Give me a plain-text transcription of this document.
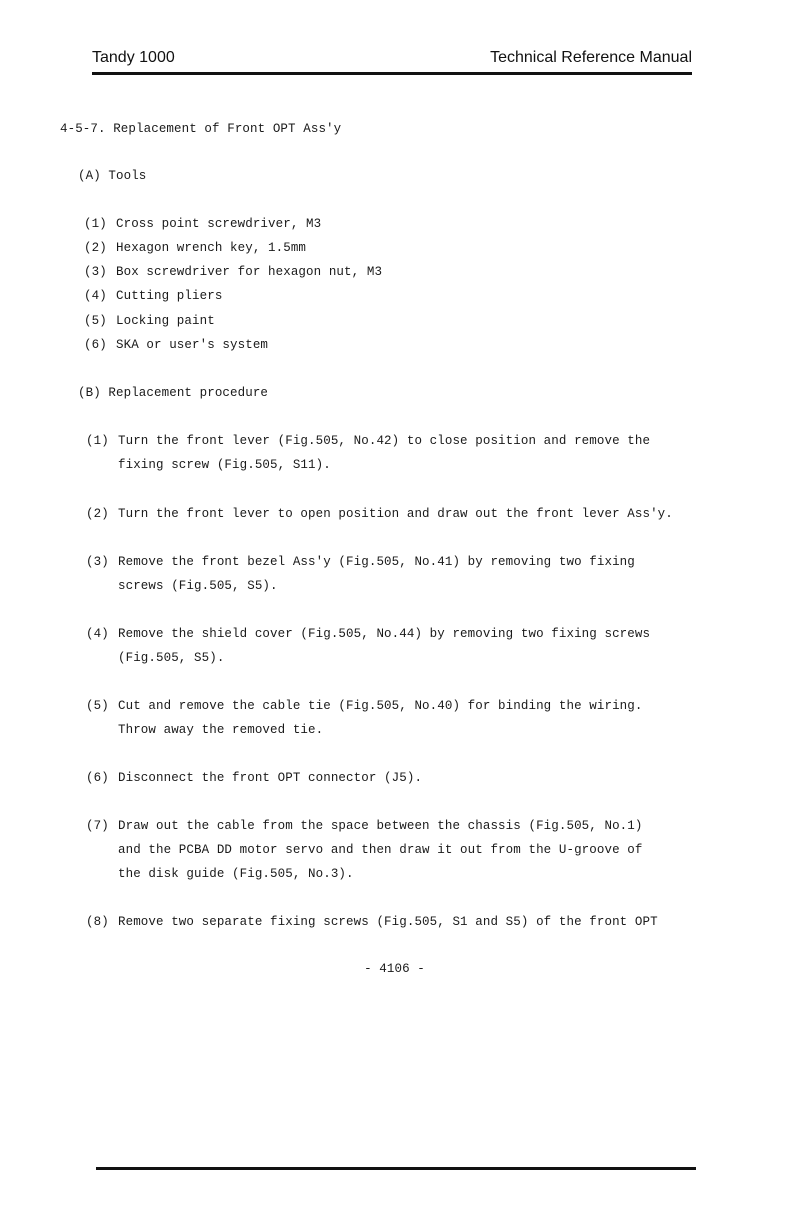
Tandy 1000	Technical Reference Manual
4-5-7. Replacement of Front OPT Ass'y
(A) Tools
(1) Cross point screwdriver, M3
(2) Hexagon wrench key, 1.5mm
(3) Box screwdriver for hexagon nut, M3
(4) Cutting pliers
(5) Locking paint
(6) SKA or user's system
(B) Replacement procedure
(1) Turn the front lever (Fig.505, No.42) to close position and remove the
fixing screw (Fig.505, S11).
(2) Turn the front lever to open position and draw out the front lever Ass'y.
(3) Remove the front bezel Ass'y (Fig.505, No.41) by removing two fixing
screws (Fig.505, S5).
(4) Remove the shield cover (Fig.505, No.44) by removing two fixing screws
(Fig.505, S5).
(5) Cut and remove the cable tie (Fig.505, No.40) for binding the wiring.
Throw away the removed tie.
(6) Disconnect the front OPT connector (J5).
(7) Draw out the cable from the space between the chassis (Fig.505, No.1)
and the PCBA DD motor servo and then draw it out from the U-groove of
the disk guide (Fig.505, No.3).
(8) Remove two separate fixing screws (Fig.505, S1 and S5) of the front OPT
- 4106 -
